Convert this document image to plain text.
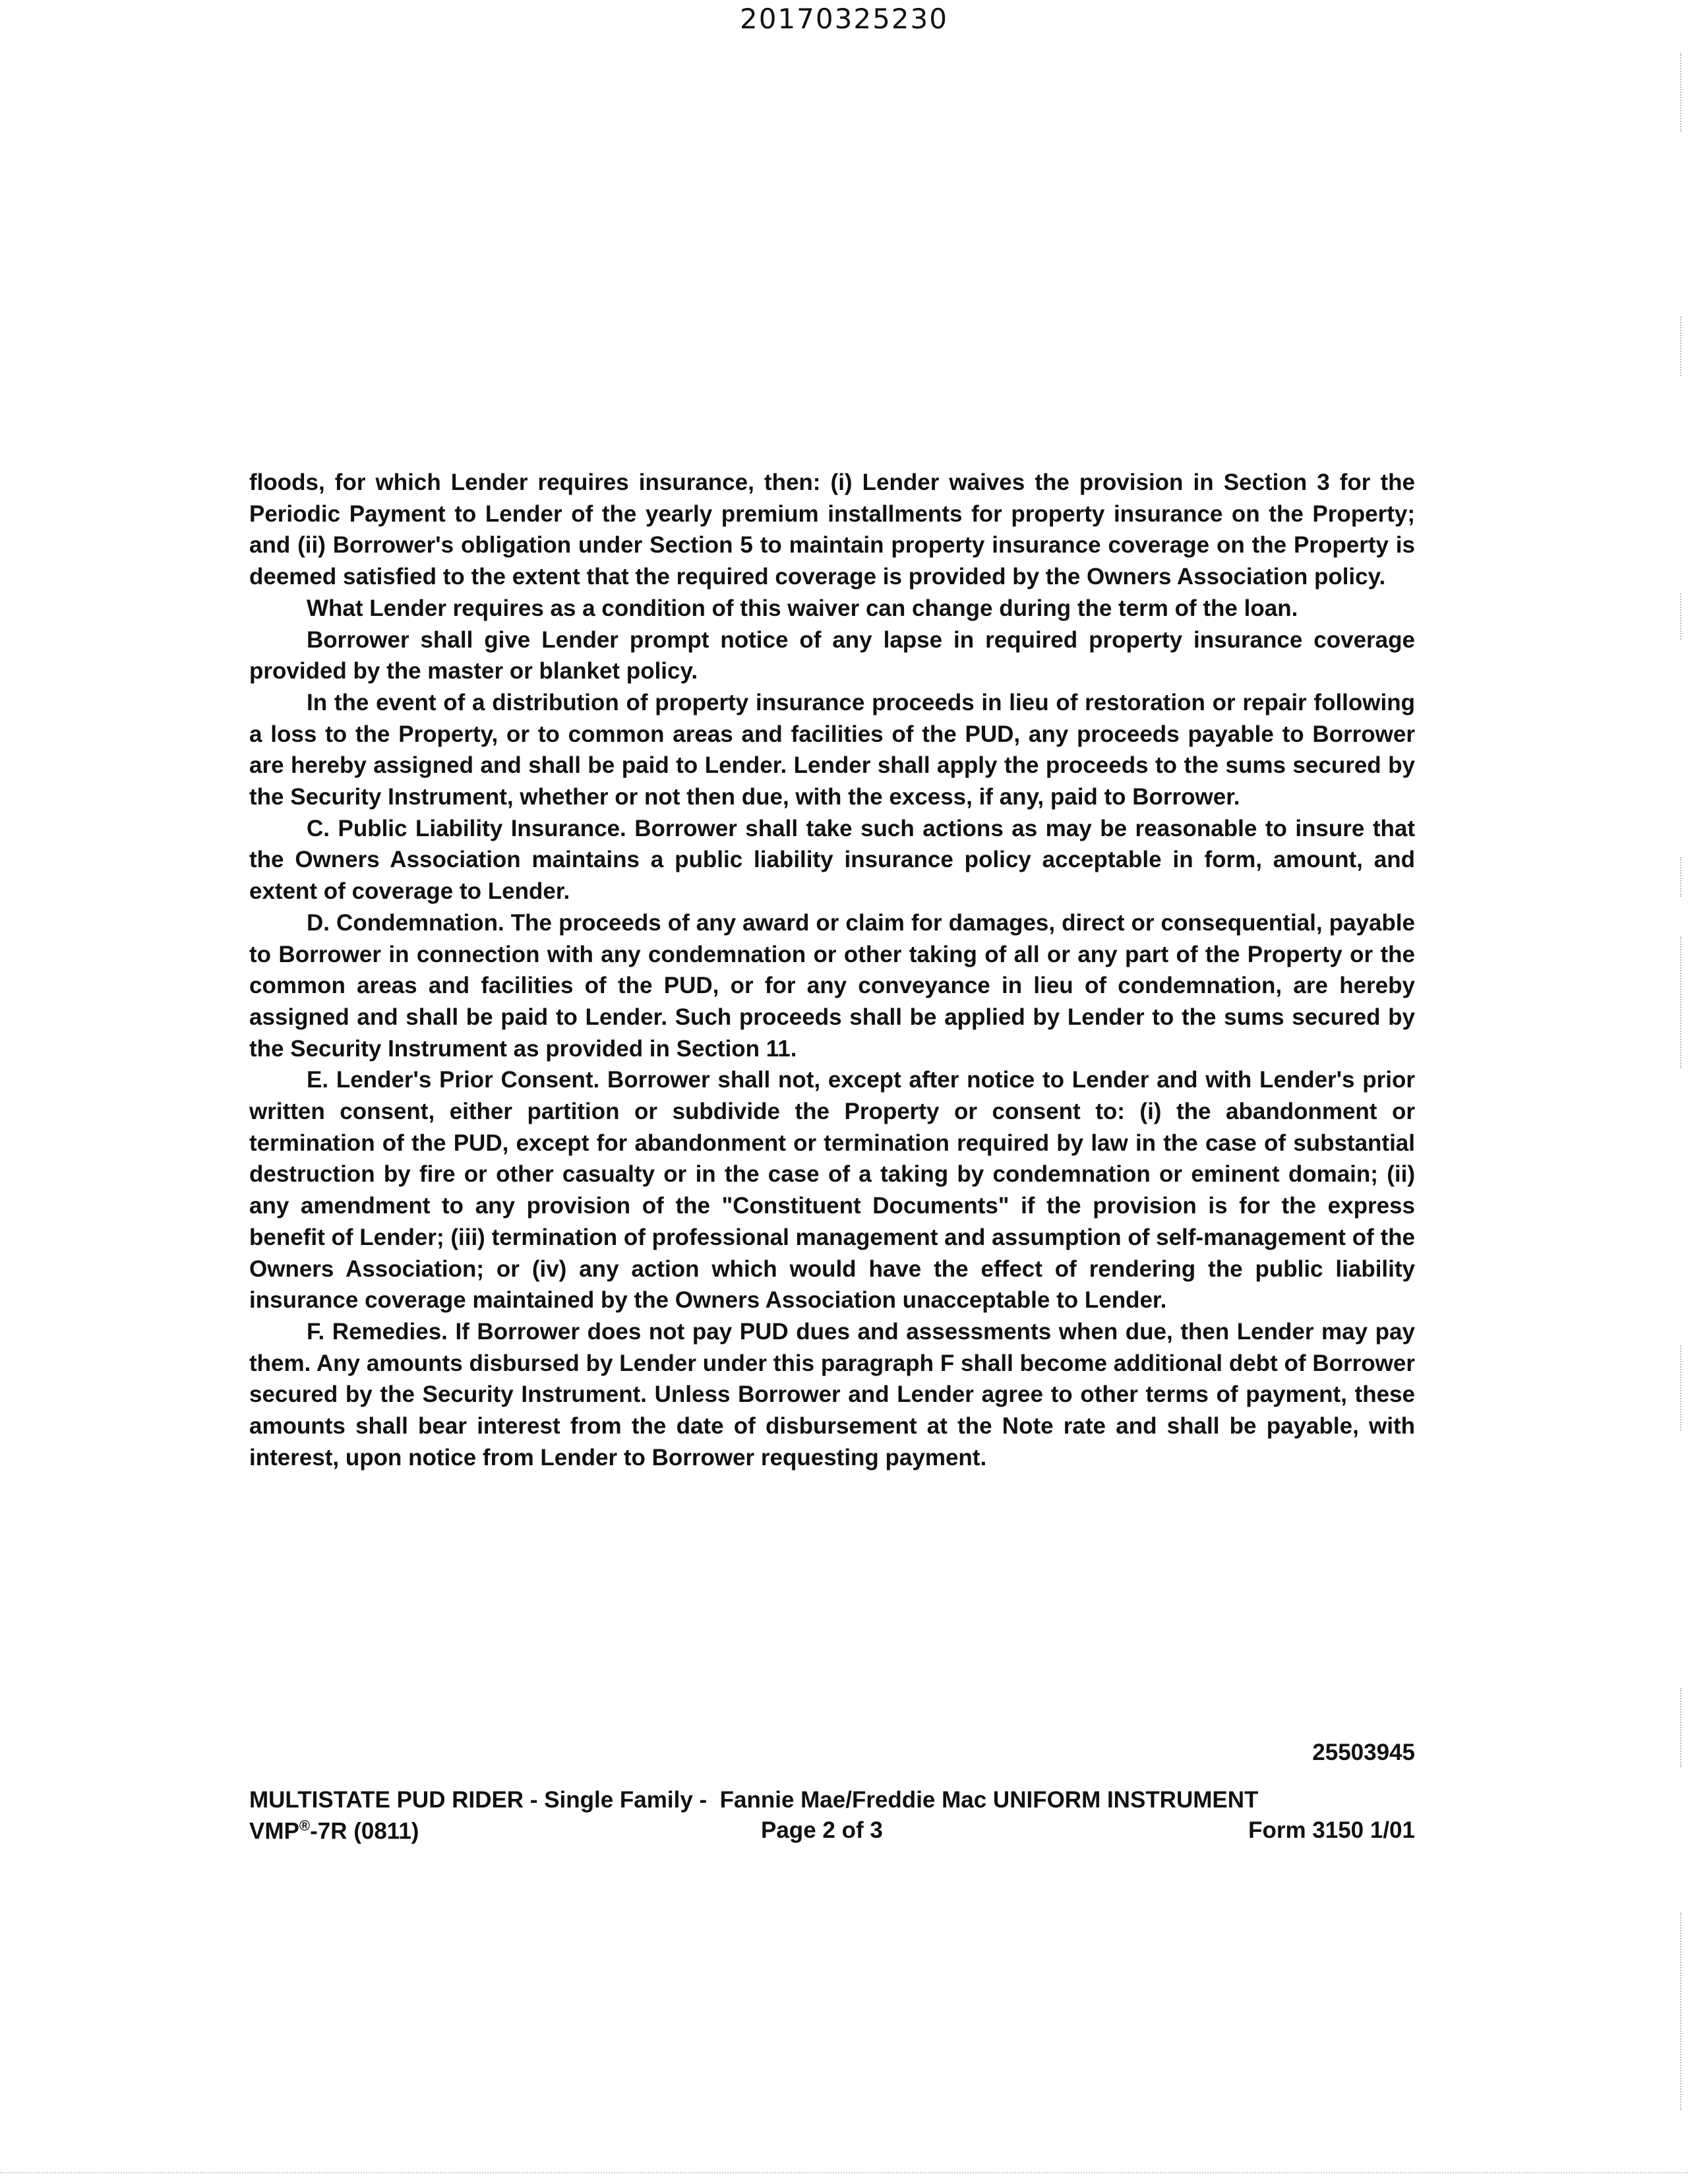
20170325230

floods, for which Lender requires insurance, then: (i) Lender waives the provision in Section 3 for the Periodic Payment to Lender of the yearly premium installments for property insurance on the Property; and (ii) Borrower's obligation under Section 5 to maintain property insurance coverage on the Property is deemed satisfied to the extent that the required coverage is provided by the Owners Association policy.

What Lender requires as a condition of this waiver can change during the term of the loan.

Borrower shall give Lender prompt notice of any lapse in required property insurance coverage provided by the master or blanket policy.

In the event of a distribution of property insurance proceeds in lieu of restoration or repair following a loss to the Property, or to common areas and facilities of the PUD, any proceeds payable to Borrower are hereby assigned and shall be paid to Lender. Lender shall apply the proceeds to the sums secured by the Security Instrument, whether or not then due, with the excess, if any, paid to Borrower.

C. Public Liability Insurance. Borrower shall take such actions as may be reasonable to insure that the Owners Association maintains a public liability insurance policy acceptable in form, amount, and extent of coverage to Lender.

D. Condemnation. The proceeds of any award or claim for damages, direct or consequential, payable to Borrower in connection with any condemnation or other taking of all or any part of the Property or the common areas and facilities of the PUD, or for any conveyance in lieu of condemnation, are hereby assigned and shall be paid to Lender. Such proceeds shall be applied by Lender to the sums secured by the Security Instrument as provided in Section 11.

E. Lender's Prior Consent. Borrower shall not, except after notice to Lender and with Lender's prior written consent, either partition or subdivide the Property or consent to: (i) the abandonment or termination of the PUD, except for abandonment or termination required by law in the case of substantial destruction by fire or other casualty or in the case of a taking by condemnation or eminent domain; (ii) any amendment to any provision of the "Constituent Documents" if the provision is for the express benefit of Lender; (iii) termination of professional management and assumption of self-management of the Owners Association; or (iv) any action which would have the effect of rendering the public liability insurance coverage maintained by the Owners Association unacceptable to Lender.

F. Remedies. If Borrower does not pay PUD dues and assessments when due, then Lender may pay them. Any amounts disbursed by Lender under this paragraph F shall become additional debt of Borrower secured by the Security Instrument. Unless Borrower and Lender agree to other terms of payment, these amounts shall bear interest from the date of disbursement at the Note rate and shall be payable, with interest, upon notice from Lender to Borrower requesting payment.

25503945
MULTISTATE PUD RIDER - Single Family -  Fannie Mae/Freddie Mac UNIFORM INSTRUMENT
VMP®-7R (0811)	Page 2 of 3	Form 3150 1/01
